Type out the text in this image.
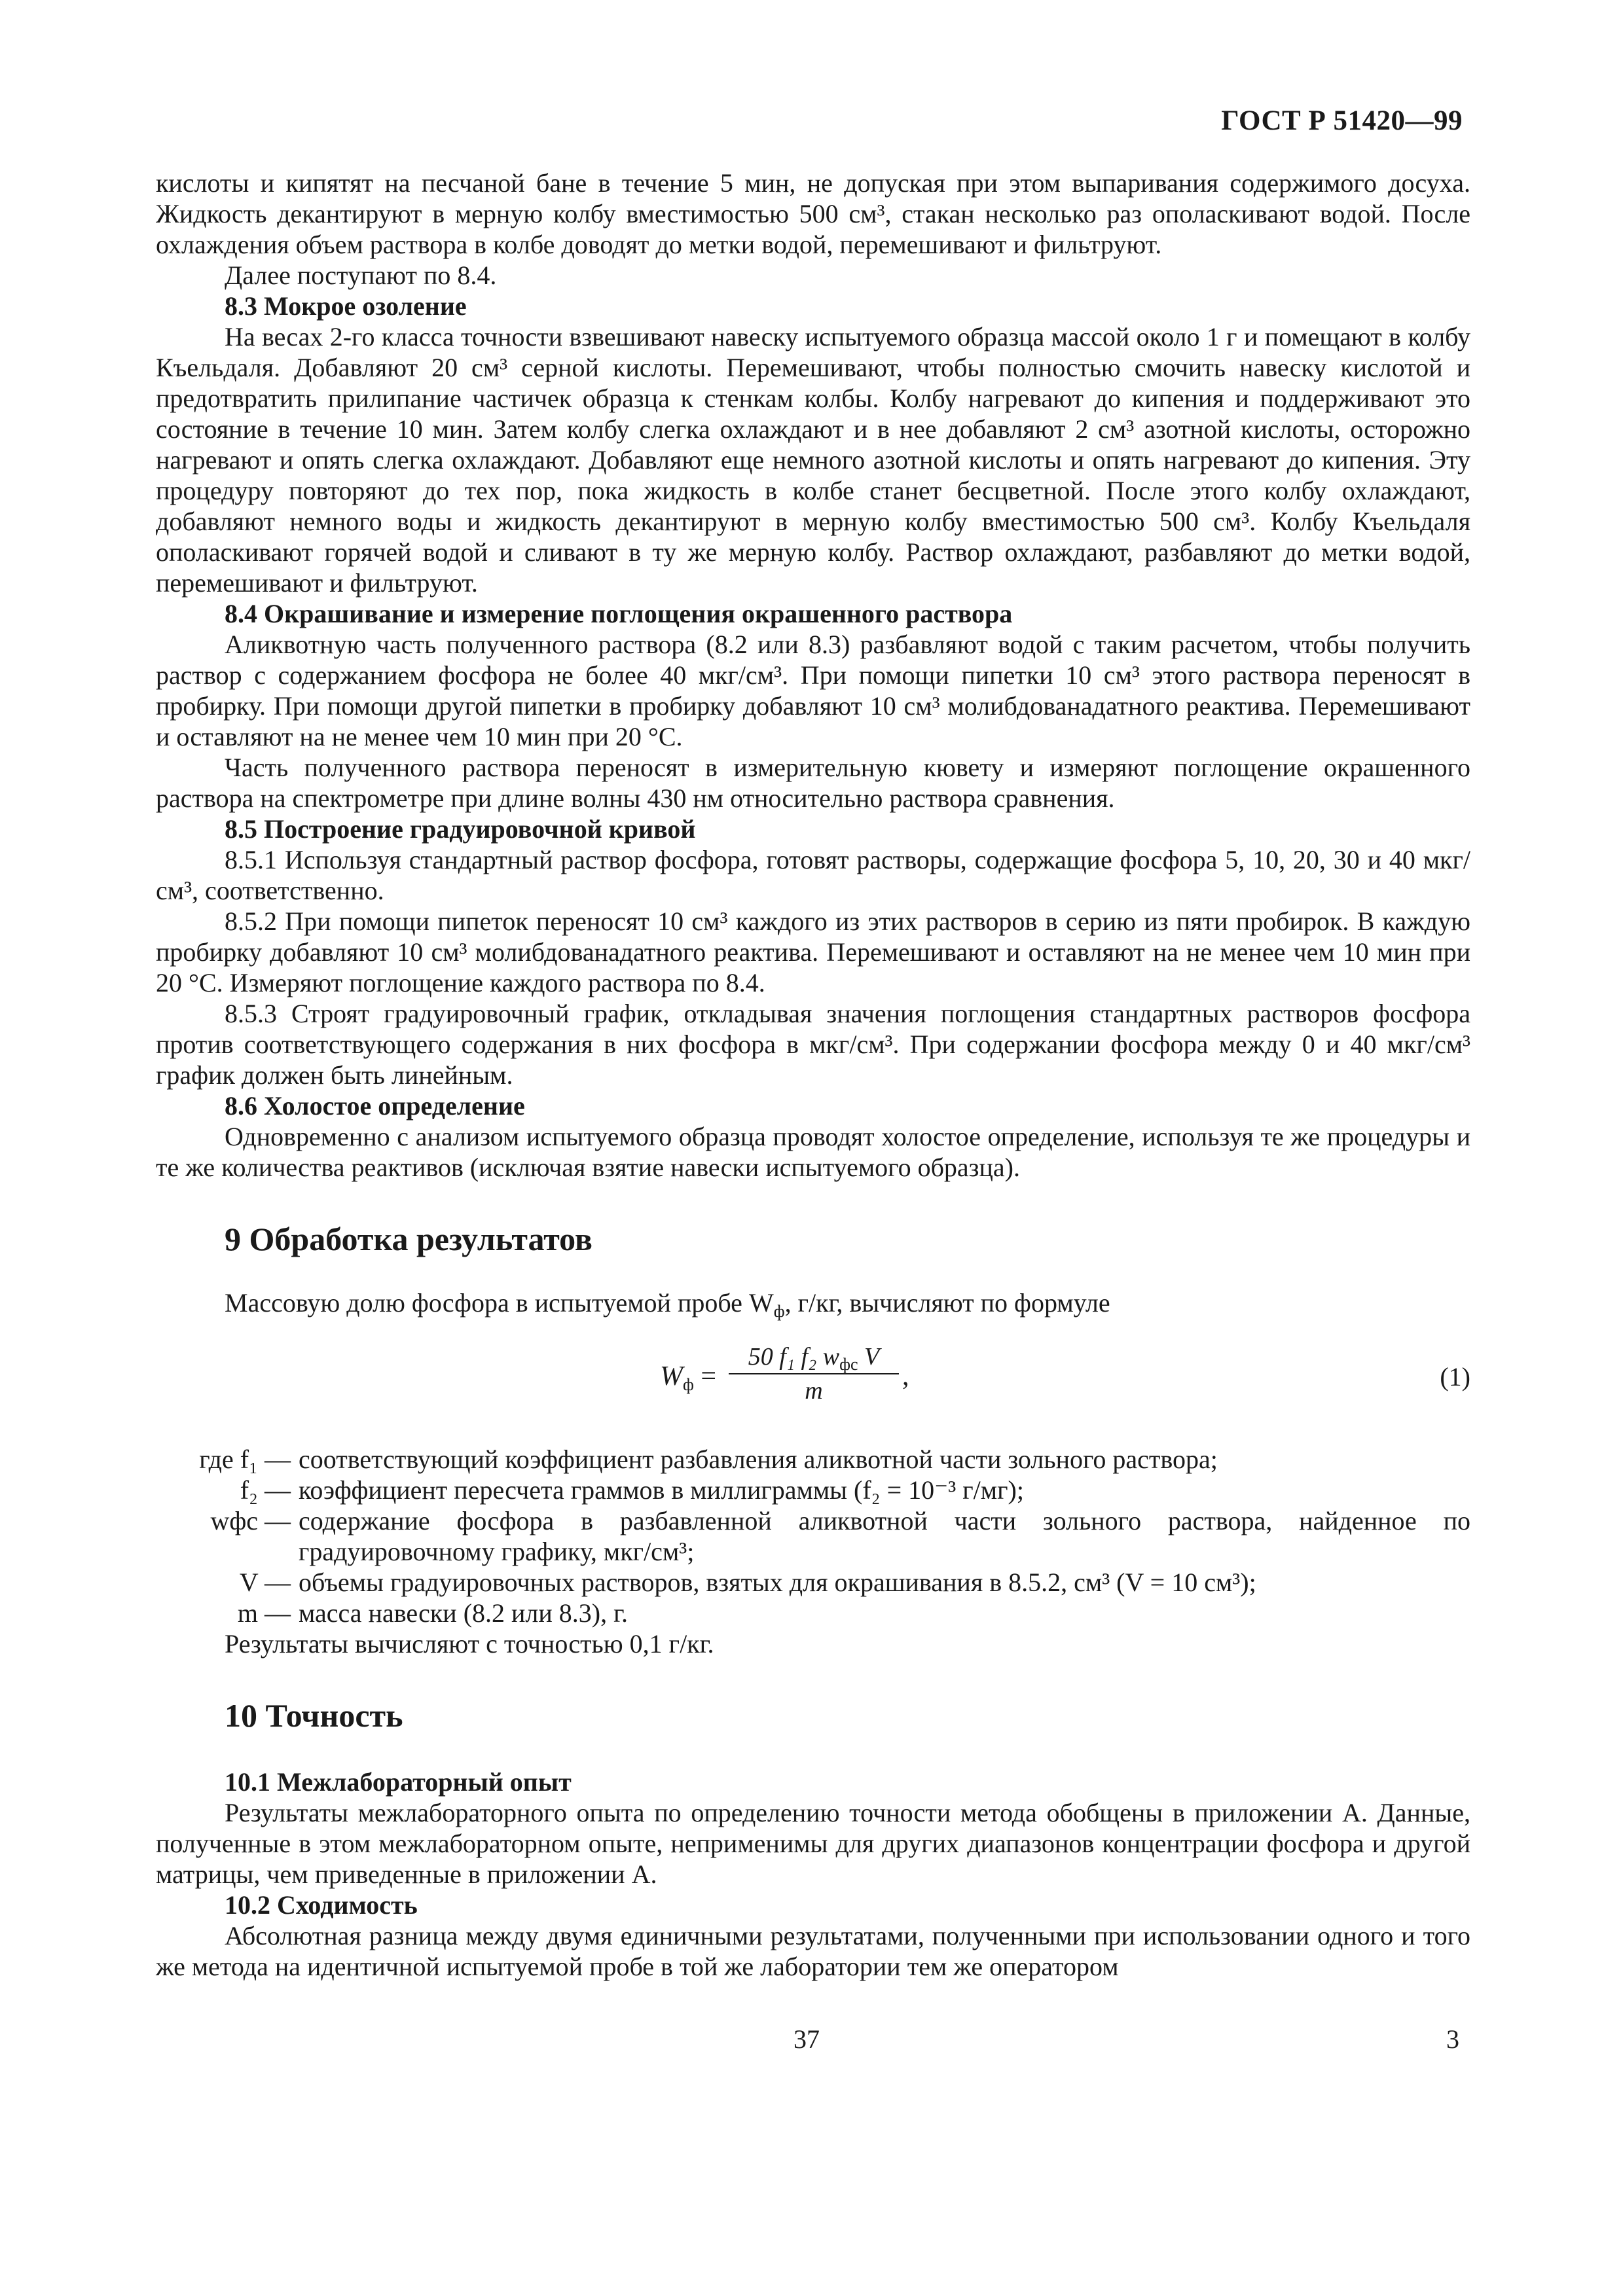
ГОСТ Р 51420—99

кислоты и кипятят на песчаной бане в течение 5 мин, не допуская при этом выпаривания содержимого досуха. Жидкость декантируют в мерную колбу вместимостью 500 см³, стакан несколько раз ополаскивают водой. После охлаждения объем раствора в колбе доводят до метки водой, перемешивают и фильтруют.

Далее поступают по 8.4.

8.3 Мокрое озоление

На весах 2-го класса точности взвешивают навеску испытуемого образца массой около 1 г и помещают в колбу Къельдаля. Добавляют 20 см³ серной кислоты. Перемешивают, чтобы полностью смочить навеску кислотой и предотвратить прилипание частичек образца к стенкам колбы. Колбу нагревают до кипения и поддерживают это состояние в течение 10 мин. Затем колбу слегка охлаждают и в нее добавляют 2 см³ азотной кислоты, осторожно нагревают и опять слегка охлаждают. Добавляют еще немного азотной кислоты и опять нагревают до кипения. Эту процедуру повторяют до тех пор, пока жидкость в колбе станет бесцветной. После этого колбу охлаждают, добавляют немного воды и жидкость декантируют в мерную колбу вместимостью 500 см³. Колбу Къельдаля ополаскивают горячей водой и сливают в ту же мерную колбу. Раствор охлаждают, разбавляют до метки водой, перемешивают и фильтруют.

8.4 Окрашивание и измерение поглощения окрашенного раствора

Аликвотную часть полученного раствора (8.2 или 8.3) разбавляют водой с таким расчетом, чтобы получить раствор с содержанием фосфора не более 40 мкг/см³. При помощи пипетки 10 см³ этого раствора переносят в пробирку. При помощи другой пипетки в пробирку добавляют 10 см³ молибдованадатного реактива. Перемешивают и оставляют на не менее чем 10 мин при 20 °С.

Часть полученного раствора переносят в измерительную кювету и измеряют поглощение окрашенного раствора на спектрометре при длине волны 430 нм относительно раствора сравнения.

8.5 Построение градуировочной кривой

8.5.1 Используя стандартный раствор фосфора, готовят растворы, содержащие фосфора 5, 10, 20, 30 и 40 мкг/см³, соответственно.

8.5.2 При помощи пипеток переносят 10 см³ каждого из этих растворов в серию из пяти пробирок. В каждую пробирку добавляют 10 см³ молибдованадатного реактива. Перемешивают и оставляют на не менее чем 10 мин при 20 °С. Измеряют поглощение каждого раствора по 8.4.

8.5.3 Строят градуировочный график, откладывая значения поглощения стандартных растворов фосфора против соответствующего содержания в них фосфора в мкг/см³. При содержании фосфора между 0 и 40 мкг/см³ график должен быть линейным.

8.6 Холостое определение

Одновременно с анализом испытуемого образца проводят холостое определение, используя те же процедуры и те же количества реактивов (исключая взятие навески испытуемого образца).

9 Обработка результатов

Массовую долю фосфора в испытуемой пробе $W_ф$, г/кг, вычисляют по формуле

$W_ф$ =
50 f₁ f₂ $w_{фс}$ V
m	,	(1)
где f₁ — соответствующий коэффициент разбавления аликвотной части зольного раствора;
f₂ — коэффициент пересчета граммов в миллиграммы (f₂ = 10⁻³ г/мг);
wфс — содержание фосфора в разбавленной аликвотной части зольного раствора, найденное по градуировочному графику, мкг/см³;
V — объемы градуировочных растворов, взятых для окрашивания в 8.5.2, см³ (V = 10 см³);
m — масса навески (8.2 или 8.3), г.

Результаты вычисляют с точностью 0,1 г/кг.

10 Точность

10.1 Межлабораторный опыт

Результаты межлабораторного опыта по определению точности метода обобщены в приложении А. Данные, полученные в этом межлабораторном опыте, неприменимы для других диапазонов концентрации фосфора и другой матрицы, чем приведенные в приложении А.

10.2 Сходимость

Абсолютная разница между двумя единичными результатами, полученными при использовании одного и того же метода на идентичной испытуемой пробе в той же лаборатории тем же оператором

37	3
